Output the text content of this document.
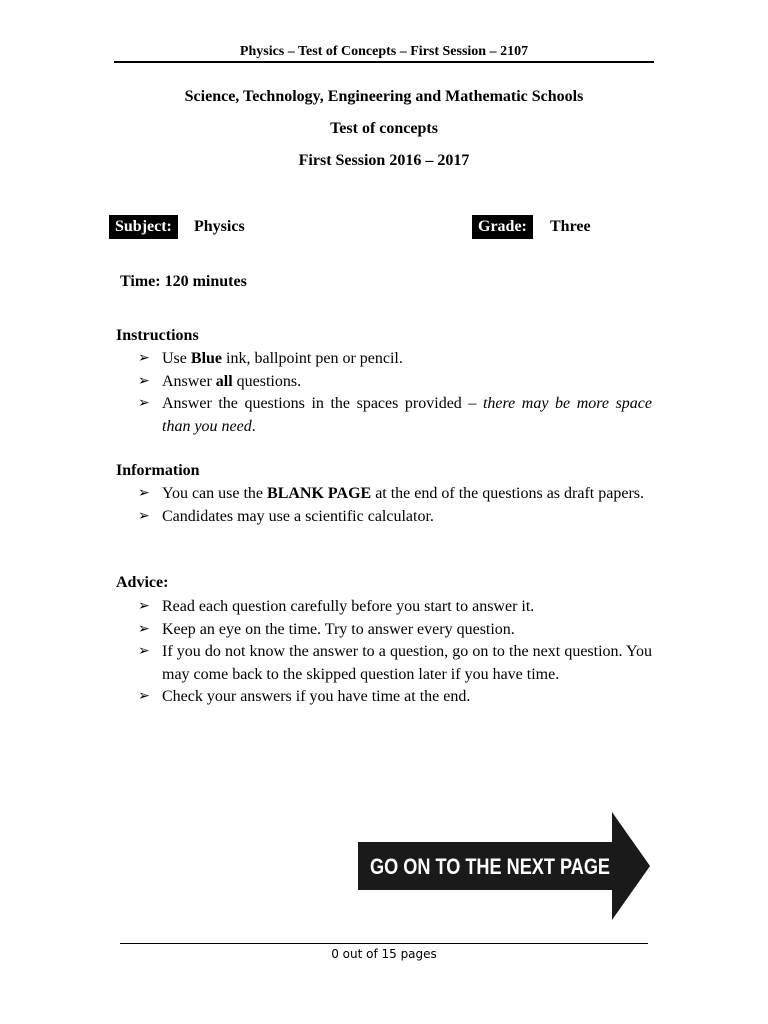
Physics – Test of Concepts – First Session – 2107
Science, Technology, Engineering and Mathematic Schools
Test of concepts
First Session 2016 – 2017
Subject:	Physics	Grade:	Three
Time: 120 minutes
Instructions
➢ Use Blue ink, ballpoint pen or pencil.
➢ Answer all questions.
➢ Answer the questions in the spaces provided – there may be more space than you need.
Information
➢ You can use the BLANK PAGE at the end of the questions as draft papers.
➢ Candidates may use a scientific calculator.
Advice:
➢ Read each question carefully before you start to answer it.
➢ Keep an eye on the time. Try to answer every question.
➢ If you do not know the answer to a question, go on to the next question. You may come back to the skipped question later if you have time.
➢ Check your answers if you have time at the end.
GO ON TO THE NEXT PAGE
0 out of 15 pages
